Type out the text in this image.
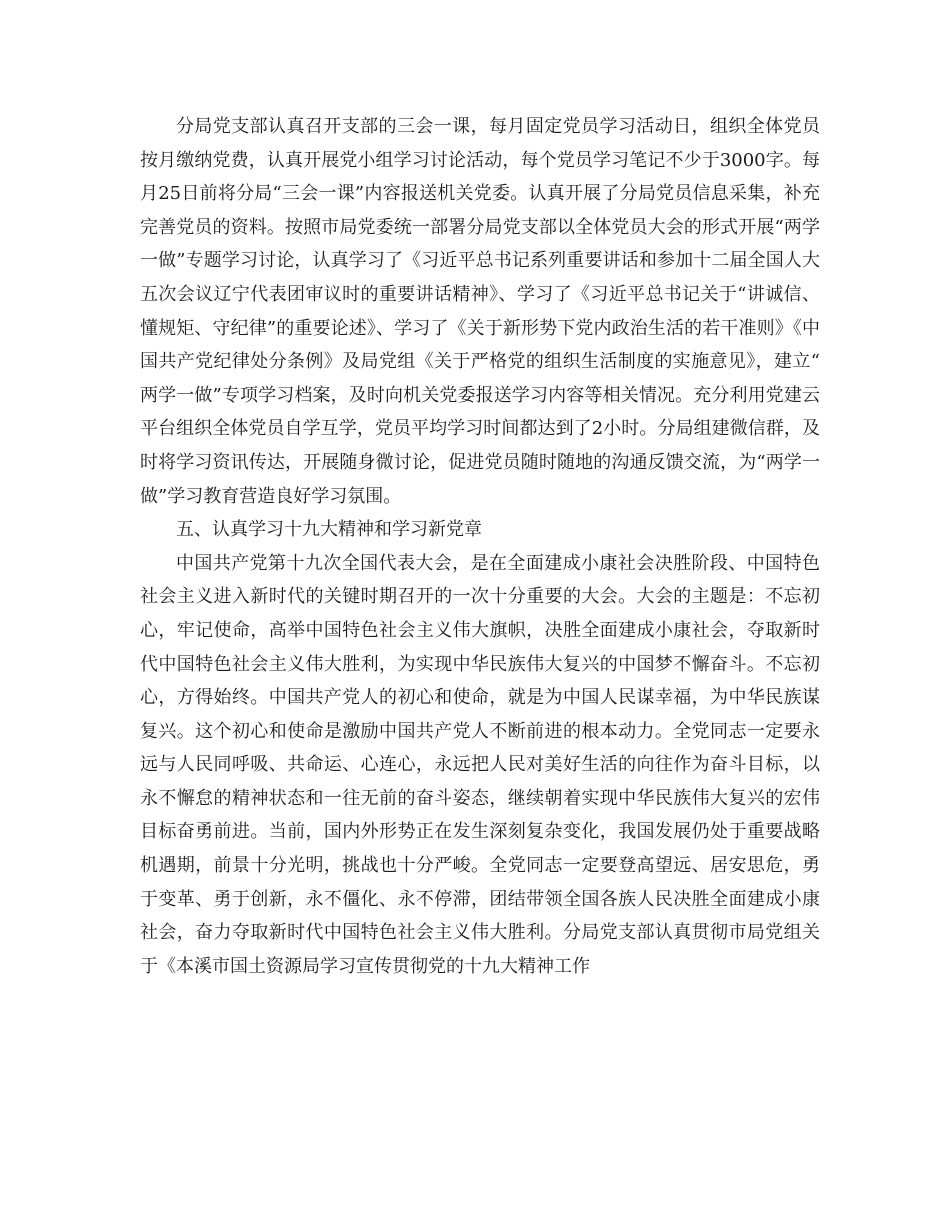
分局党支部认真召开支部的三会一课，每月固定党员学习活动日，组织全体党员按月缴纳党费，认真开展党小组学习讨论活动，每个党员学习笔记不少于3000字。每月25日前将分局“三会一课”内容报送机关党委。认真开展了分局党员信息采集，补充完善党员的资料。按照市局党委统一部署分局党支部以全体党员大会的形式开展“两学一做”专题学习讨论，认真学习了《习近平总书记系列重要讲话和参加十二届全国人大五次会议辽宁代表团审议时的重要讲话精神》、学习了《习近平总书记关于“讲诚信、懂规矩、守纪律”的重要论述》、学习了《关于新形势下党内政治生活的若干准则》《中国共产党纪律处分条例》及局党组《关于严格党的组织生活制度的实施意见》，建立“两学一做”专项学习档案，及时向机关党委报送学习内容等相关情况。充分利用党建云平台组织全体党员自学互学，党员平均学习时间都达到了2小时。分局组建微信群，及时将学习资讯传达，开展随身微讨论，促进党员随时随地的沟通反馈交流，为“两学一做”学习教育营造良好学习氛围。

五、认真学习十九大精神和学习新党章

中国共产党第十九次全国代表大会，是在全面建成小康社会决胜阶段、中国特色社会主义进入新时代的关键时期召开的一次十分重要的大会。大会的主题是：不忘初心，牢记使命，高举中国特色社会主义伟大旗帜，决胜全面建成小康社会，夺取新时代中国特色社会主义伟大胜利，为实现中华民族伟大复兴的中国梦不懈奋斗。不忘初心，方得始终。中国共产党人的初心和使命，就是为中国人民谋幸福，为中华民族谋复兴。这个初心和使命是激励中国共产党人不断前进的根本动力。全党同志一定要永远与人民同呼吸、共命运、心连心，永远把人民对美好生活的向往作为奋斗目标，以永不懈怠的精神状态和一往无前的奋斗姿态，继续朝着实现中华民族伟大复兴的宏伟目标奋勇前进。当前，国内外形势正在发生深刻复杂变化，我国发展仍处于重要战略机遇期，前景十分光明，挑战也十分严峻。全党同志一定要登高望远、居安思危，勇于变革、勇于创新，永不僵化、永不停滞，团结带领全国各族人民决胜全面建成小康社会，奋力夺取新时代中国特色社会主义伟大胜利。分局党支部认真贯彻市局党组关于《本溪市国土资源局学习宣传贯彻党的十九大精神工作
